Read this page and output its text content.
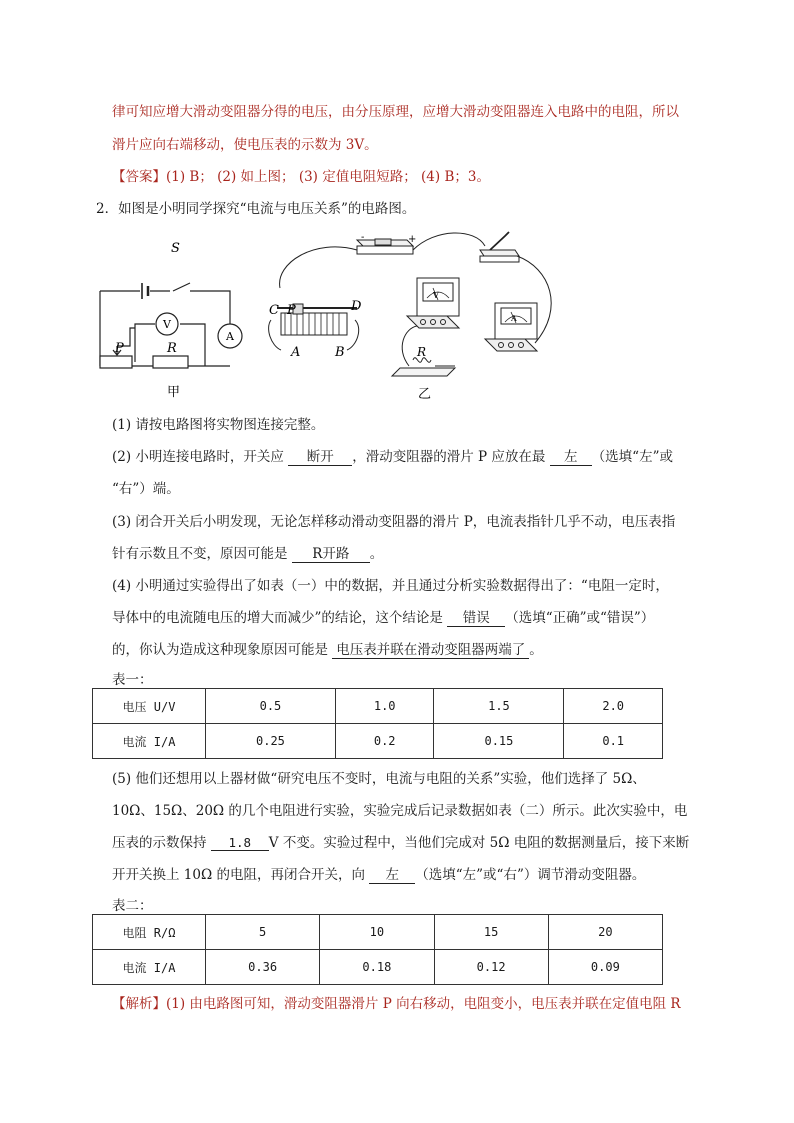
律可知应增大滑动变阻器分得的电压，由分压原理，应增大滑动变阻器连入电路中的电阻，所以
滑片应向右端移动，使电压表的示数为 3V。
【答案】(1) B； (2) 如上图； (3) 定值电阻短路； (4) B；3。
2．如图是小明同学探究“电流与电压关系”的电路图。
S
V
A
P	R
甲
-	+
C P	D
A	B
V
A
R
乙
(1) 请按电路图将实物图连接完整。
(2) 小明连接电路时，开关应 断开 ，滑动变阻器的滑片 P 应放在最 左 （选填“左”或
“右”）端。
(3) 闭合开关后小明发现，无论怎样移动滑动变阻器的滑片 P，电流表指针几乎不动，电压表指
针有示数且不变，原因可能是 R开路 。
(4) 小明通过实验得出了如表（一）中的数据，并且通过分析实验数据得出了：“电阻一定时，
导体中的电流随电压的增大而减少”的结论，这个结论是 错误 （选填“正确”或“错误”）
的，你认为造成这种现象原因可能是 电压表并联在滑动变阻器两端了 。
表一：
电压 U/V	0.5	1.0	1.5	2.0
电流 I/A	0.25	0.2	0.15	0.1
(5) 他们还想用以上器材做“研究电压不变时，电流与电阻的关系”实验，他们选择了 5Ω、
10Ω、15Ω、20Ω 的几个电阻进行实验，实验完成后记录数据如表（二）所示。此次实验中，电
压表的示数保持 1.8 V 不变。实验过程中，当他们完成对 5Ω 电阻的数据测量后，接下来断
开开关换上 10Ω 的电阻，再闭合开关，向 左 （选填“左”或“右”）调节滑动变阻器。
表二：
电阻 R/Ω	5	10	15	20
电流 I/A	0.36	0.18	0.12	0.09
【解析】(1) 由电路图可知，滑动变阻器滑片 P 向右移动，电阻变小，电压表并联在定值电阻 R
